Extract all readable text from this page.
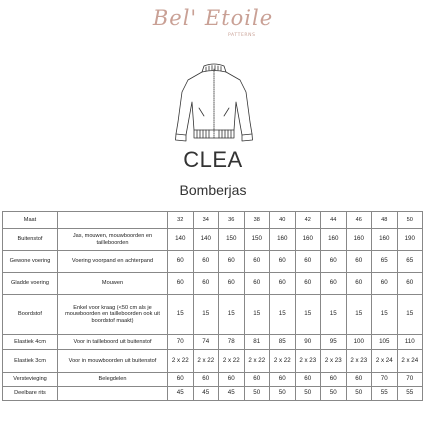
Bel' Etoile
PATTERNS
CLEA
Bomberjas
Maat		32	34	36	38	40	42	44	46	48	50
Buitenstof	Jas, mouwen, mouwboorden en tailleboorden	140	140	150	150	160	160	160	160	160	190
Gewone voering	Voering voorpand en achterpand	60	60	60	60	60	60	60	60	65	65
Gladde voering	Mouwen	60	60	60	60	60	60	60	60	60	60
Boordstof	Enkel voor kraag (<50 cm als je mouwboorden en tailleboorden ook uit boordstof maakt)	15	15	15	15	15	15	15	15	15	15
Elastiek 4cm	Voor in tailleboord uit buitenstof	70	74	78	81	85	90	95	100	105	110
Elastiek 3cm	Voor in mouwboorden uit buitenstof	2 x 22	2 x 22	2 x 22	2 x 22	2 x 22	2 x 23	2 x 23	2 x 23	2 x 24	2 x 24
Verstevieging	Belegdelen	60	60	60	60	60	60	60	60	70	70
Deelbare rits		45	45	45	50	50	50	50	50	55	55
